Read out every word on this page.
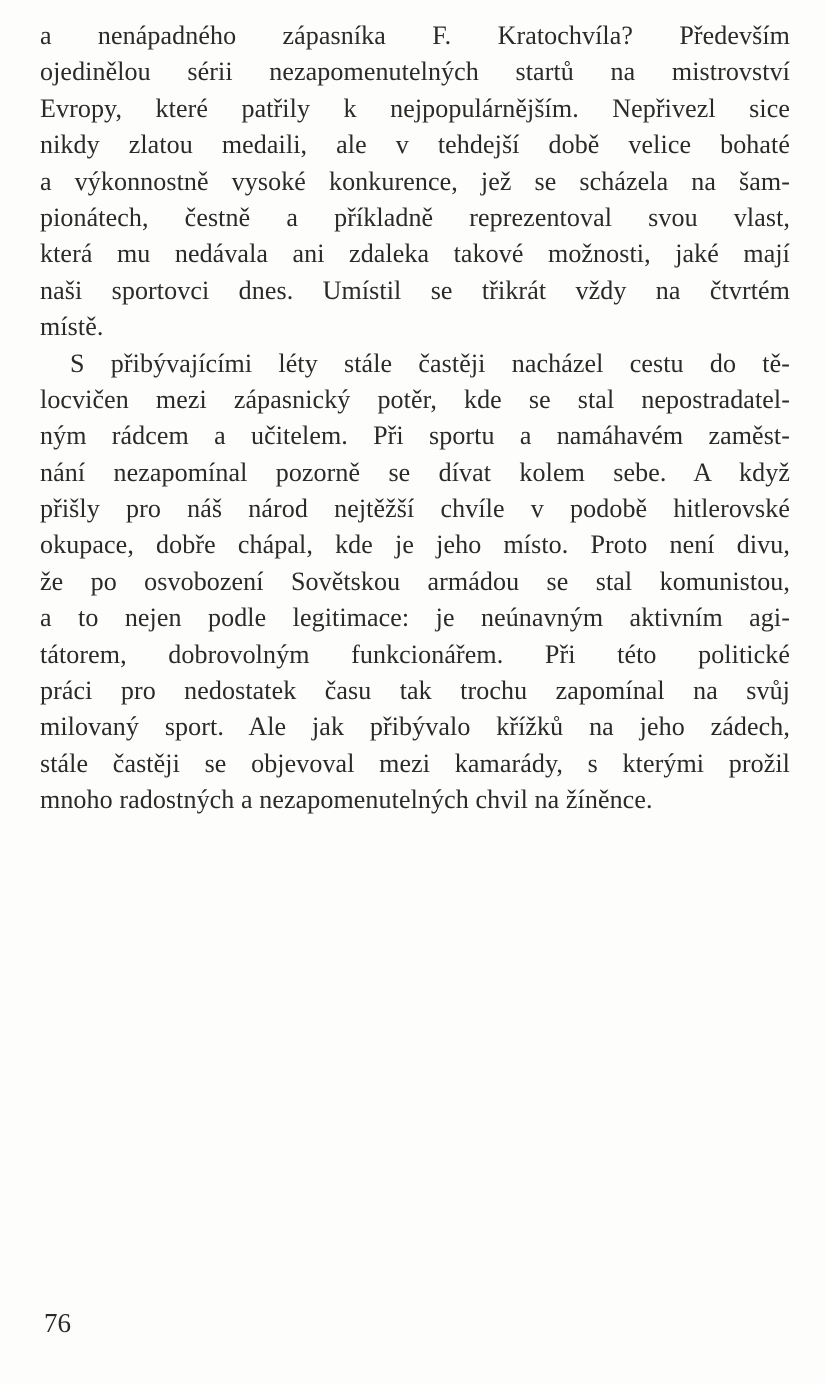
a nenápadného zápasníka F. Kratochvíla? Především
ojedinělou sérii nezapomenutelných startů na mistrovství
Evropy, které patřily k nejpopulárnějším. Nepřivezl sice
nikdy zlatou medaili, ale v tehdejší době velice bohaté
a výkonnostně vysoké konkurence, jež se scházela na šam-
pionátech, čestně a příkladně reprezentoval svou vlast,
která mu nedávala ani zdaleka takové možnosti, jaké mají
naši sportovci dnes. Umístil se třikrát vždy na čtvrtém
místě.
S přibývajícími léty stále častěji nacházel cestu do tě-
locvičen mezi zápasnický potěr, kde se stal nepostradatel-
ným rádcem a učitelem. Při sportu a namáhavém zaměst-
nání nezapomínal pozorně se dívat kolem sebe. A když
přišly pro náš národ nejtěžší chvíle v podobě hitlerovské
okupace, dobře chápal, kde je jeho místo. Proto není divu,
že po osvobození Sovětskou armádou se stal komunistou,
a to nejen podle legitimace: je neúnavným aktivním agi-
tátorem, dobrovolným funkcionářem. Při této politické
práci pro nedostatek času tak trochu zapomínal na svůj
milovaný sport. Ale jak přibývalo křížků na jeho zádech,
stále častěji se objevoval mezi kamarády, s kterými prožil
mnoho radostných a nezapomenutelných chvil na žíněnce.
76
